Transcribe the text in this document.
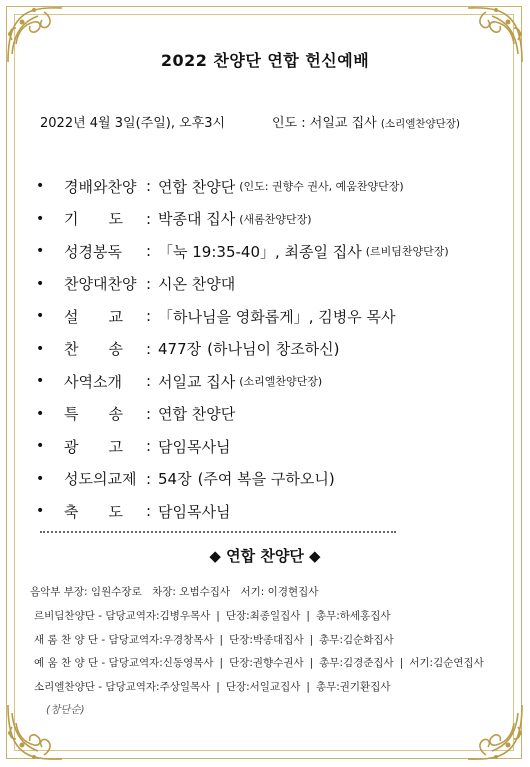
2022 찬양단 연합 헌신예배
2022년 4월 3일(주일), 오후3시	인도 : 서일교 집사 (소리엘찬양단장)
•	경배와찬양 : 연합 찬양단 (인도: 권향수 권사, 예움찬양단장)
•	기　　도	: 박종대 집사 (새롬찬양단장)
•	성경봉독	: 「눅 19:35-40」, 최종일 집사 (르비딤찬양단장)
•	찬양대찬양 : 시온 찬양대
•	설　　교	: 「하나님을 영화롭게」, 김병우 목사
•	찬　　송	: 477장 (하나님이 창조하신)
•	사역소개	: 서일교 집사 (소리엘찬양단장)
•	특　　송	: 연합 찬양단
•	광　　고	: 담임목사님
•	성도의교제 : 54장 (주여 복을 구하오니)
•	축　　도	: 담임목사님
◆ 연합 찬양단 ◆
음악부 부장: 임원수장로　차장: 오범수집사　서기: 이경현집사
르비딤찬양단 - 담당교역자:김병우목사 | 단장:최종일집사 | 총무:하세홍집사
새 롬 찬 양 단 - 담당교역자:우경창목사 | 단장:박종대집사 | 총무:김순화집사
예 움 찬 양 단 - 담당교역자:신동영목사 | 단장:권향수권사 | 총무:김경준집사 | 서기:김순연집사
소리엘찬양단 - 담당교역자:주상일목사 | 단장:서일교집사 | 총무:권기환집사
(창단순)
